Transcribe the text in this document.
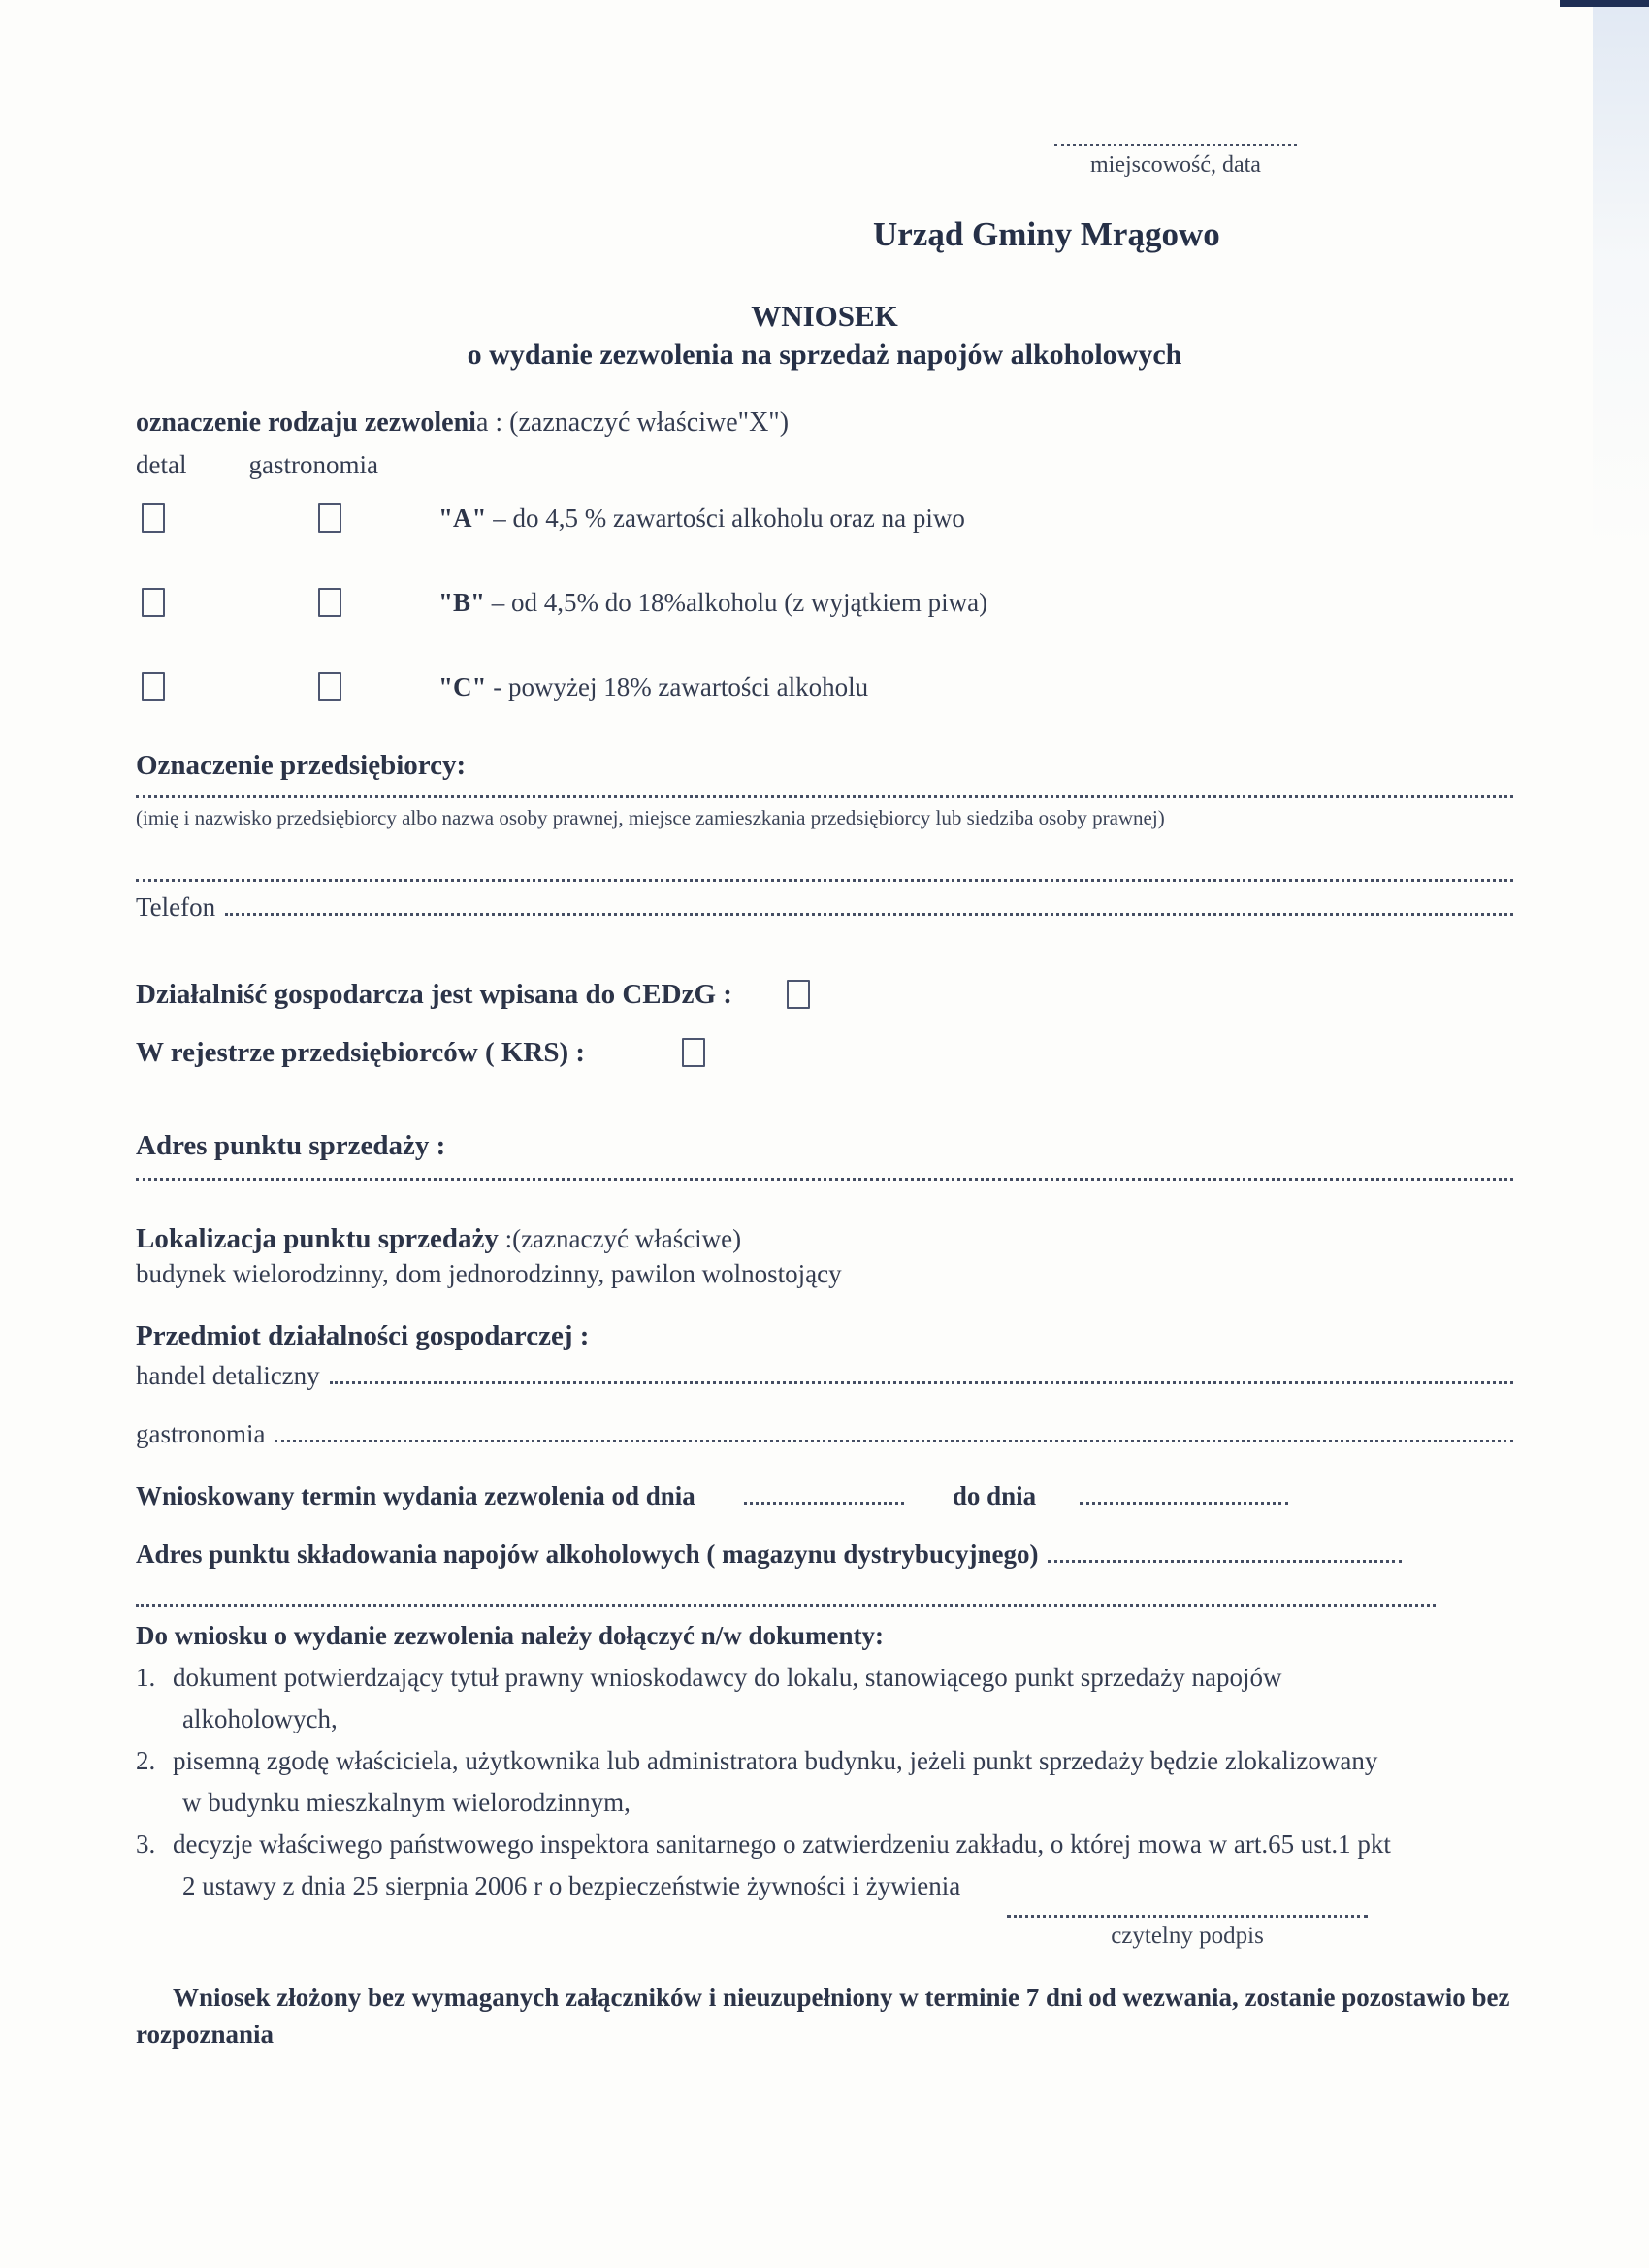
miejscowość, data
Urząd Gminy Mrągowo
WNIOSEK
o wydanie zezwolenia na sprzedaż napojów alkoholowych
oznaczenie rodzaju zezwolenia : (zaznaczyć właściwe"X")
detal gastronomia
"A" – do 4,5 % zawartości alkoholu oraz na piwo
"B" – od 4,5% do 18%alkoholu (z wyjątkiem piwa)
"C" - powyżej 18% zawartości alkoholu
Oznaczenie przedsiębiorcy:
(imię i nazwisko przedsiębiorcy albo nazwa osoby prawnej, miejsce zamieszkania przedsiębiorcy lub siedziba osoby prawnej)
Telefon
Działalniść gospodarcza jest wpisana do CEDzG :
W rejestrze przedsiębiorców ( KRS) :
Adres punktu sprzedaży :
Lokalizacja punktu sprzedaży :(zaznaczyć właściwe)
budynek wielorodzinny, dom jednorodzinny, pawilon wolnostojący
Przedmiot działalności gospodarczej :
handel detaliczny
gastronomia
Wnioskowany termin wydania zezwolenia od dnia	do dnia
Adres punktu składowania napojów alkoholowych ( magazynu dystrybucyjnego)
Do wniosku o wydanie zezwolenia należy dołączyć n/w dokumenty:
1. dokument potwierdzający tytuł prawny wnioskodawcy do lokalu, stanowiącego punkt sprzedaży napojów
alkoholowych,
2. pisemną zgodę właściciela, użytkownika lub administratora budynku, jeżeli punkt sprzedaży będzie zlokalizowany
w budynku mieszkalnym wielorodzinnym,
3. decyzje właściwego państwowego inspektora sanitarnego o zatwierdzeniu zakładu, o której mowa w art.65 ust.1 pkt
2 ustawy z dnia 25 sierpnia 2006 r o bezpieczeństwie żywności i żywienia
czytelny podpis
Wniosek złożony bez wymaganych załączników i nieuzupełniony w terminie 7 dni od wezwania, zostanie pozostawio bez
rozpoznania
